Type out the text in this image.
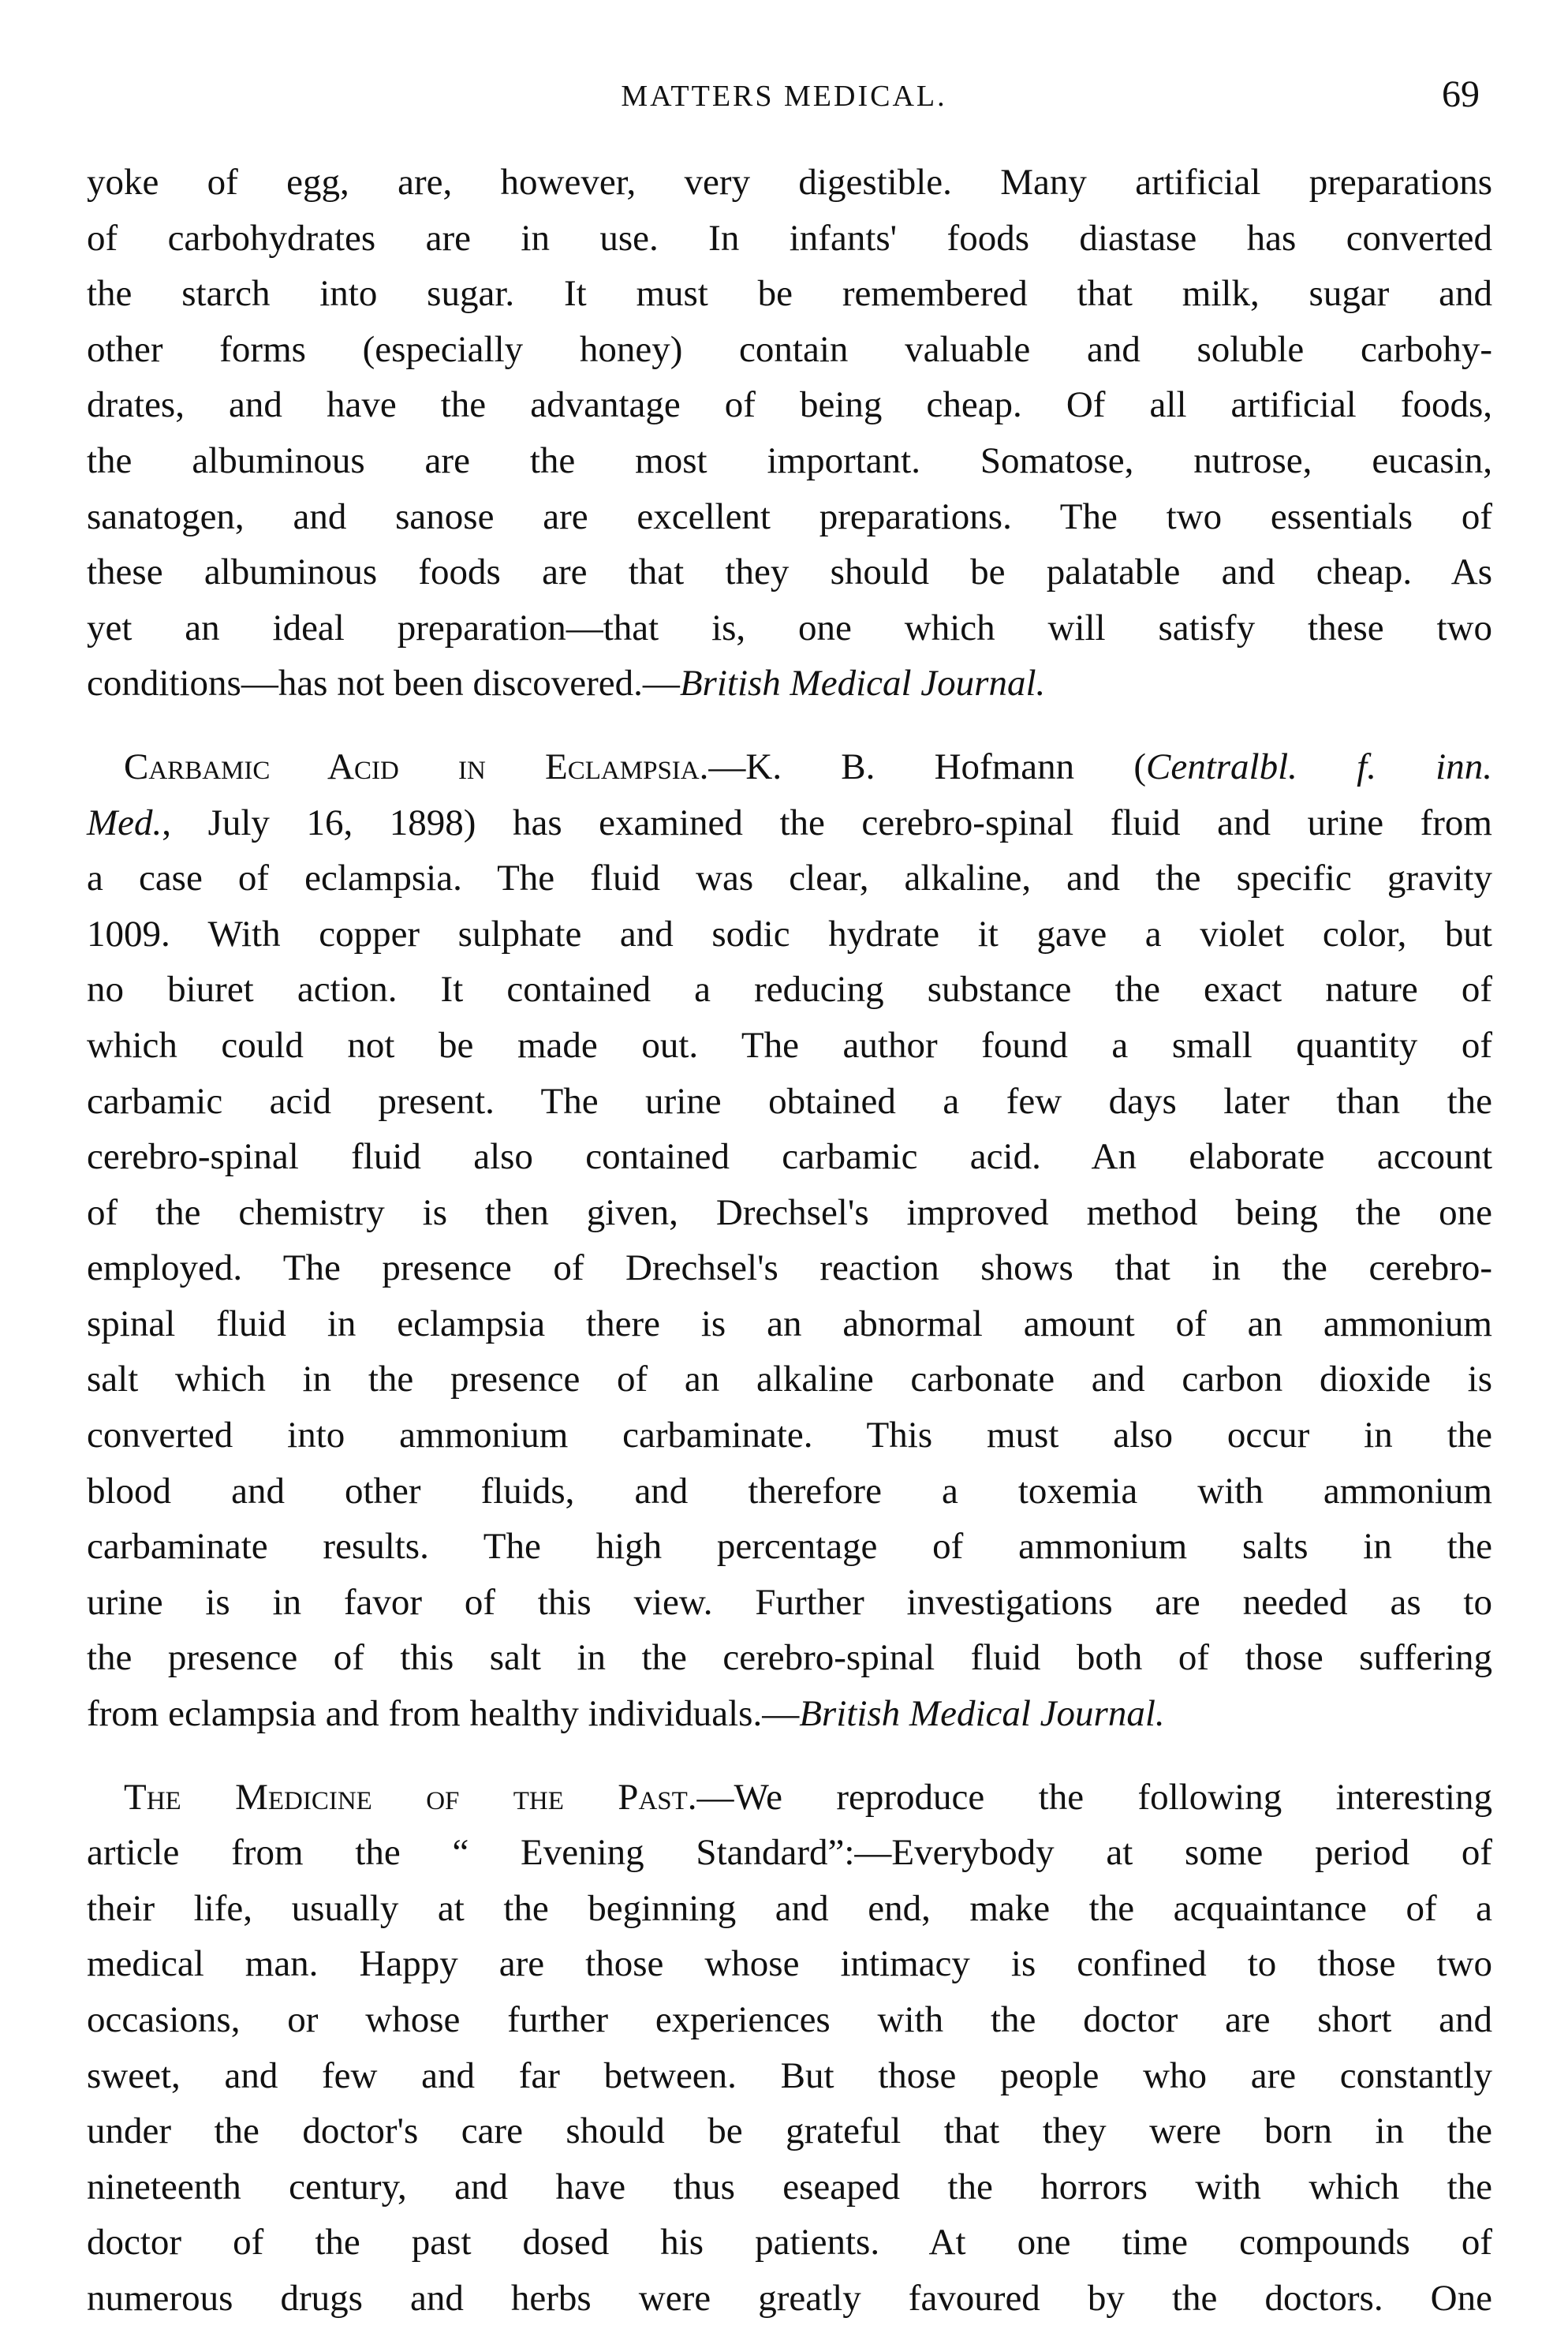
MATTERS MEDICAL.	69
yoke of egg, are, however, very digestible. Many artificial preparations
of carbohydrates are in use. In infants' foods diastase has converted
the starch into sugar. It must be remembered that milk, sugar and
other forms (especially honey) contain valuable and soluble carbohy-
drates, and have the advantage of being cheap. Of all artificial foods,
the albuminous are the most important. Somatose, nutrose, eucasin,
sanatogen, and sanose are excellent preparations. The two essentials of
these albuminous foods are that they should be palatable and cheap. As
yet an ideal preparation—that is, one which will satisfy these two
conditions—has not been discovered.—British Medical Journal.
 Carbamic Acid in Eclampsia.—K. B. Hofmann (Centralbl. f. inn.
Med., July 16, 1898) has examined the cerebro-spinal fluid and urine from
a case of eclampsia. The fluid was clear, alkaline, and the specific gravity
1009. With copper sulphate and sodic hydrate it gave a violet color, but
no biuret action. It contained a reducing substance the exact nature of
which could not be made out. The author found a small quantity of
carbamic acid present. The urine obtained a few days later than the
cerebro-spinal fluid also contained carbamic acid. An elaborate account
of the chemistry is then given, Drechsel's improved method being the one
employed. The presence of Drechsel's reaction shows that in the cerebro-
spinal fluid in eclampsia there is an abnormal amount of an ammonium
salt which in the presence of an alkaline carbonate and carbon dioxide is
converted into ammonium carbaminate. This must also occur in the
blood and other fluids, and therefore a toxemia with ammonium
carbaminate results. The high percentage of ammonium salts in the
urine is in favor of this view. Further investigations are needed as to
the presence of this salt in the cerebro-spinal fluid both of those suffering
from eclampsia and from healthy individuals.—British Medical Journal.
 The Medicine of the Past.—We reproduce the following interesting
article from the “ Evening Standard”:—Everybody at some period of
their life, usually at the beginning and end, make the acquaintance of a
medical man. Happy are those whose intimacy is confined to those two
occasions, or whose further experiences with the doctor are short and
sweet, and few and far between. But those people who are constantly
under the doctor's care should be grateful that they were born in the
nineteenth century, and have thus eseaped the horrors with which the
doctor of the past dosed his patients. At one time compounds of
numerous drugs and herbs were greatly favoured by the doctors. One
